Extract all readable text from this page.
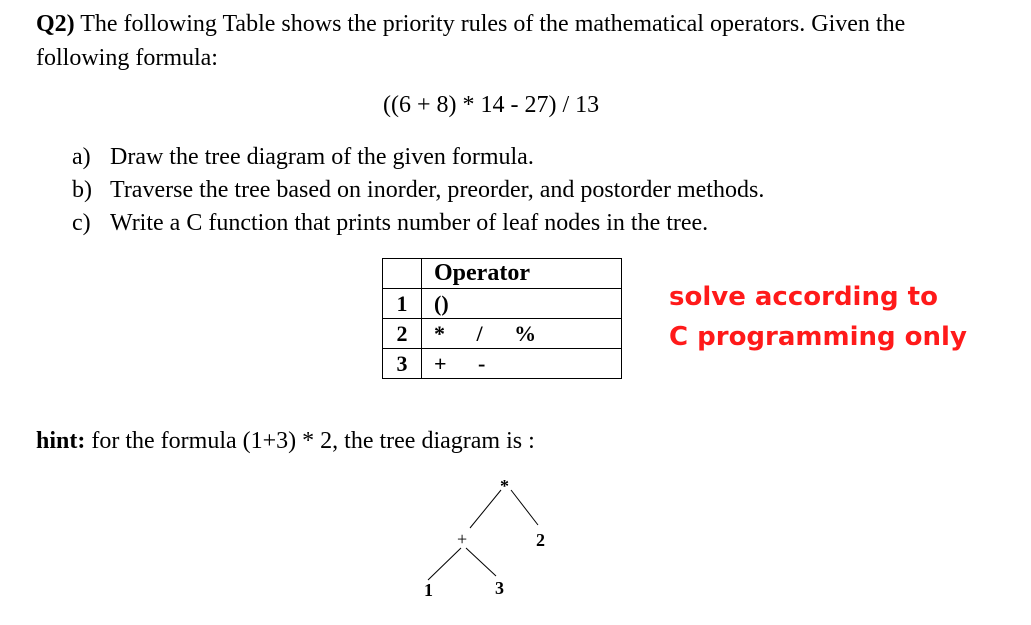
Q2) The following Table shows the priority rules of the mathematical operators. Given the
following formula:
((6 + 8) * 14 - 27) / 13
a) Draw the tree diagram of the given formula.
b) Traverse the tree based on inorder, preorder, and postorder methods.
c) Write a C function that prints number of leaf nodes in the tree.
	Operator
1	()
2	* / %
3	+ -
solve according to
C programming only
hint: for the formula (1+3) * 2, the tree diagram is :
*
+	2
1	3
